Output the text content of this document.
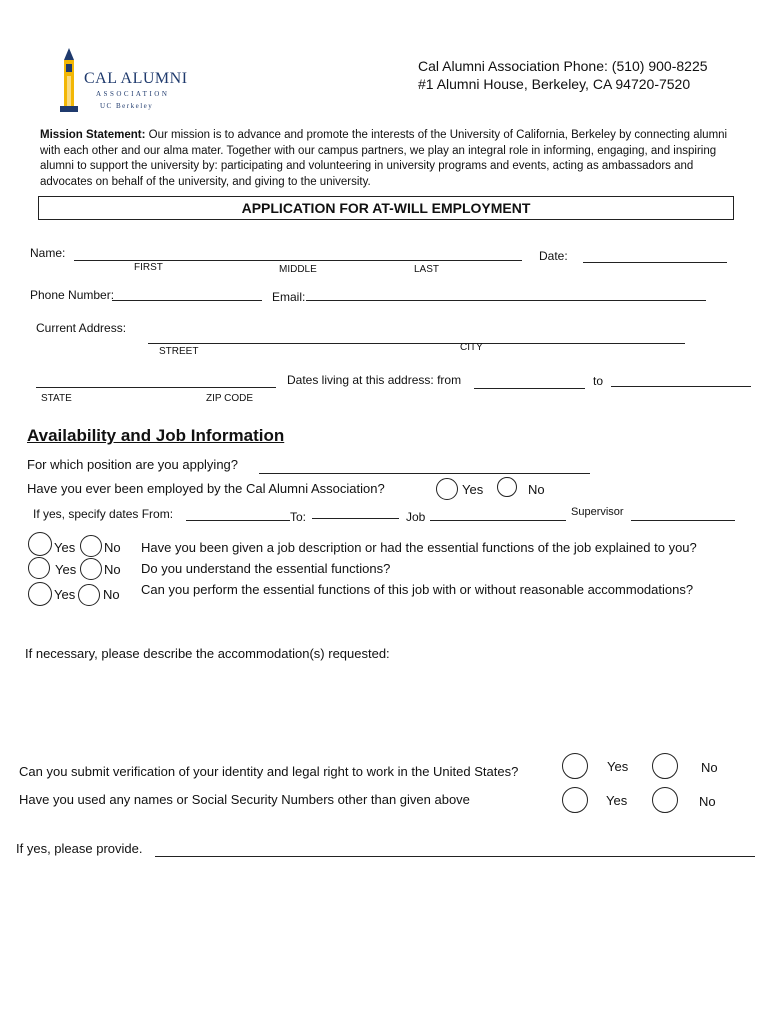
CAL ALUMNI
ASSOCIATION
UC Berkeley
Cal Alumni Association Phone: (510) 900-8225
#1 Alumni House, Berkeley, CA 94720-7520
Mission Statement: Our mission is to advance and promote the interests of the University of California, Berkeley by connecting alumni with each other and our alma mater. Together with our campus partners, we play an integral role in informing, engaging, and inspiring alumni to support the university by: participating and volunteering in university programs and events, acting as ambassadors and advocates on behalf of the university, and giving to the university.
APPLICATION FOR AT-WILL EMPLOYMENT
Name:
FIRST	MIDDLE	LAST
Date:
Phone Number:	Email:
Current Address:
STREET	CITY
Dates living at this address: from	to
STATE	ZIP CODE
Availability and Job Information
For which position are you applying?
Have you ever been employed by the Cal Alumni Association?	Yes	No
If yes, specify dates From:	To:	Job	Supervisor
Yes No Have you been given a job description or had the essential functions of the job explained to you?
Yes No Do you understand the essential functions?
Yes No Can you perform the essential functions of this job with or without reasonable accommodations?
If necessary, please describe the accommodation(s) requested:
Can you submit verification of your identity and legal right to work in the United States?	Yes	No
Have you used any names or Social Security Numbers other than given above	Yes	No
If yes, please provide.
